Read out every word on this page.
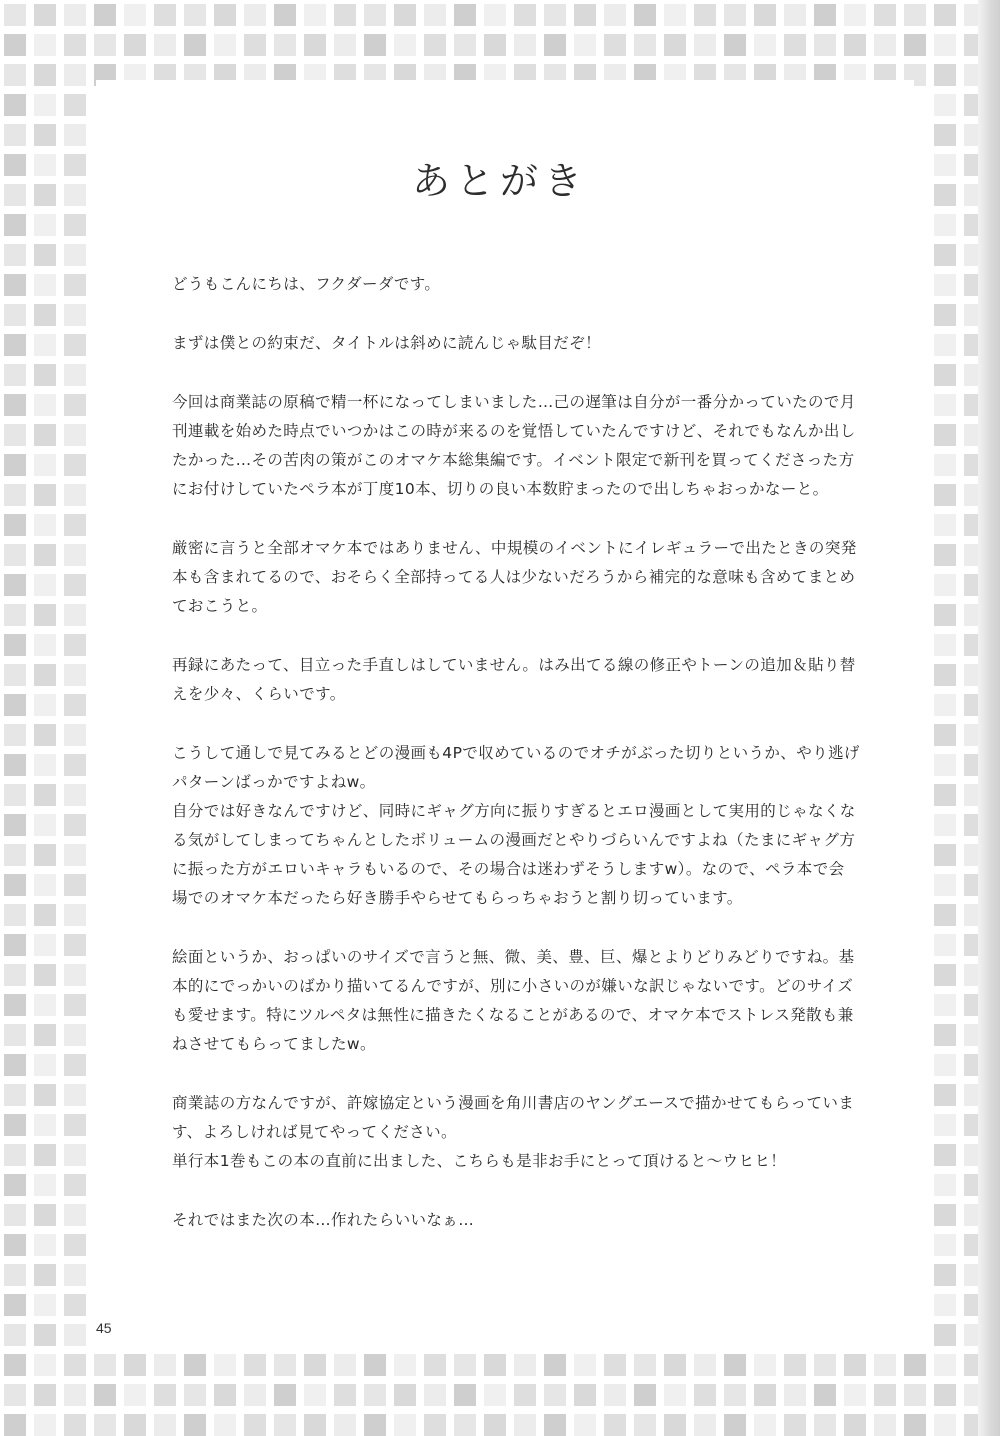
あとがき

どうもこんにちは、フクダーダです。

まずは僕との約束だ、タイトルは斜めに読んじゃ駄目だぞ！

今回は商業誌の原稿で精一杯になってしまいました…己の遅筆は自分が一番分かっていたので月
刊連載を始めた時点でいつかはこの時が来るのを覚悟していたんですけど、それでもなんか出し
たかった…その苦肉の策がこのオマケ本総集編です。イベント限定で新刊を買ってくださった方
にお付けしていたペラ本が丁度10本、切りの良い本数貯まったので出しちゃおっかなーと。

厳密に言うと全部オマケ本ではありません、中規模のイベントにイレギュラーで出たときの突発
本も含まれてるので、おそらく全部持ってる人は少ないだろうから補完的な意味も含めてまとめ
ておこうと。

再録にあたって、目立った手直しはしていません。はみ出てる線の修正やトーンの追加＆貼り替
えを少々、くらいです。

こうして通しで見てみるとどの漫画も4Pで収めているのでオチがぶった切りというか、やり逃げ
パターンばっかですよねw。
自分では好きなんですけど、同時にギャグ方向に振りすぎるとエロ漫画として実用的じゃなくな
る気がしてしまってちゃんとしたボリュームの漫画だとやりづらいんですよね（たまにギャグ方
に振った方がエロいキャラもいるので、その場合は迷わずそうしますw）。なので、ペラ本で会
場でのオマケ本だったら好き勝手やらせてもらっちゃおうと割り切っています。

絵面というか、おっぱいのサイズで言うと無、微、美、豊、巨、爆とよりどりみどりですね。基
本的にでっかいのばかり描いてるんですが、別に小さいのが嫌いな訳じゃないです。どのサイズ
も愛せます。特にツルペタは無性に描きたくなることがあるので、オマケ本でストレス発散も兼
ねさせてもらってましたw。

商業誌の方なんですが、許嫁協定という漫画を角川書店のヤングエースで描かせてもらっていま
す、よろしければ見てやってください。
単行本1巻もこの本の直前に出ました、こちらも是非お手にとって頂けると～ウヒヒ！

それではまた次の本…作れたらいいなぁ…

45
